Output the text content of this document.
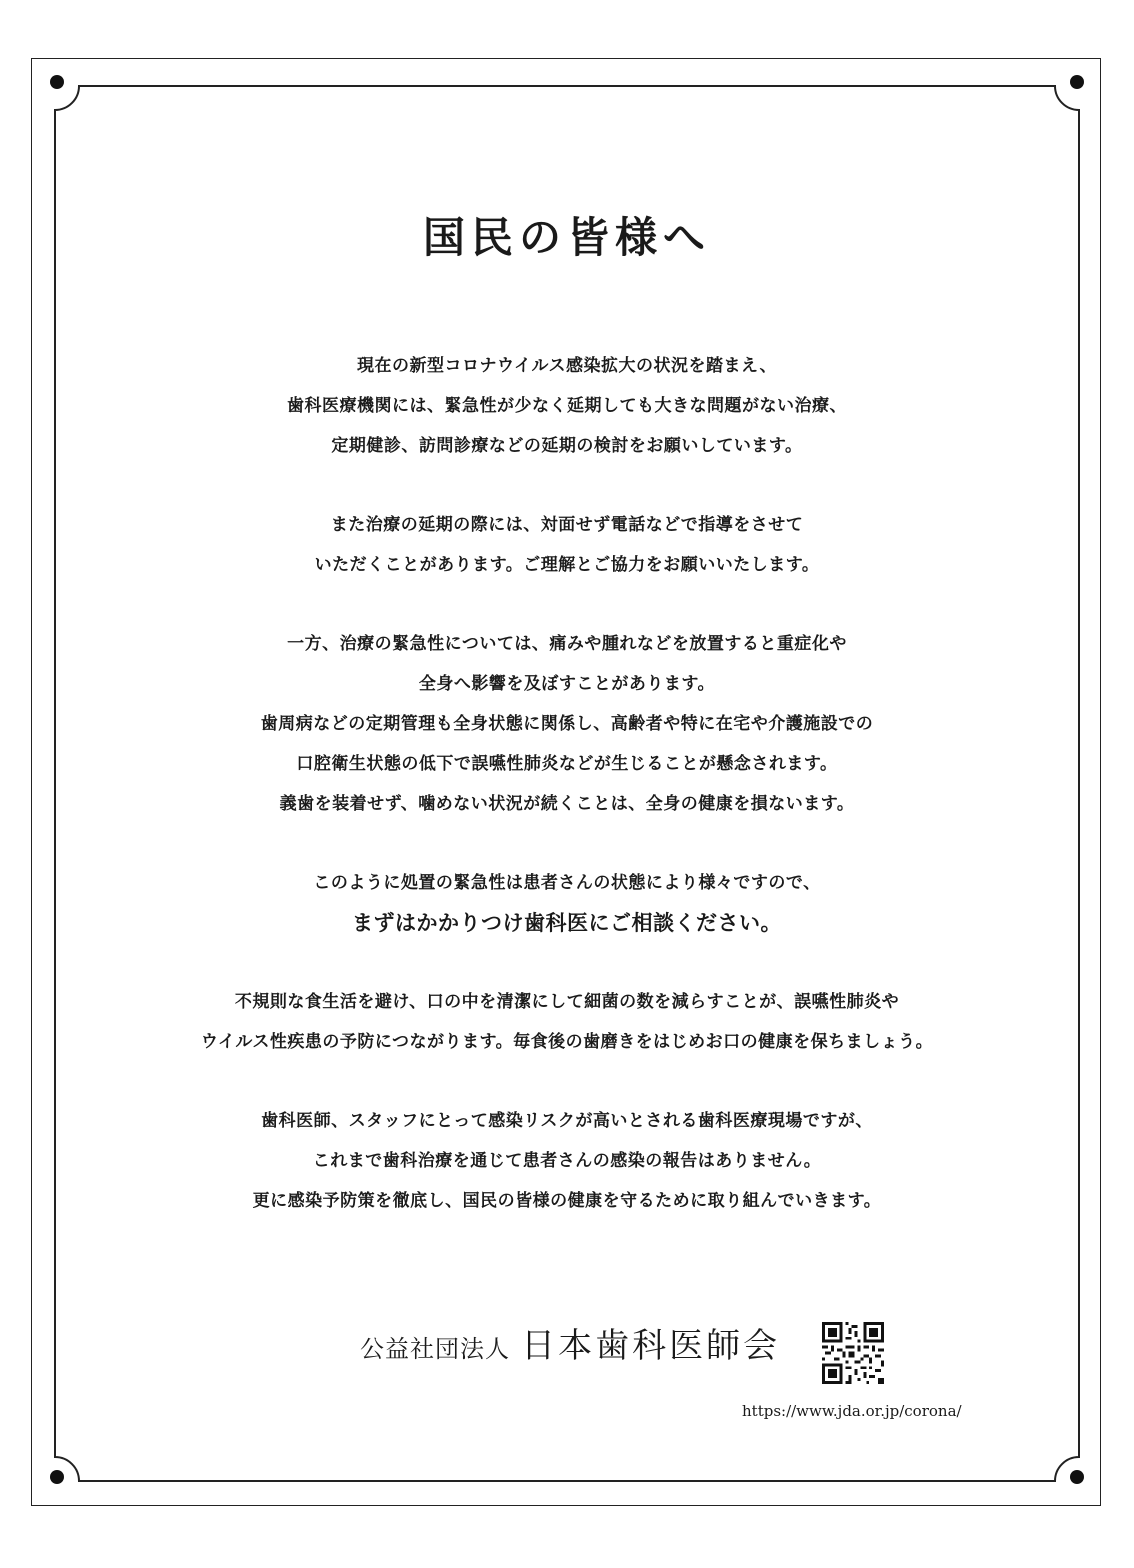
国民の皆様へ
現在の新型コロナウイルス感染拡大の状況を踏まえ、
歯科医療機関には、緊急性が少なく延期しても大きな問題がない治療、
定期健診、訪問診療などの延期の検討をお願いしています。
また治療の延期の際には、対面せず電話などで指導をさせて
いただくことがあります。ご理解とご協力をお願いいたします。
一方、治療の緊急性については、痛みや腫れなどを放置すると重症化や
全身へ影響を及ぼすことがあります。
歯周病などの定期管理も全身状態に関係し、高齢者や特に在宅や介護施設での
口腔衛生状態の低下で誤嚥性肺炎などが生じることが懸念されます。
義歯を装着せず、噛めない状況が続くことは、全身の健康を損ないます。
このように処置の緊急性は患者さんの状態により様々ですので、
まずはかかりつけ歯科医にご相談ください。
不規則な食生活を避け、口の中を清潔にして細菌の数を減らすことが、誤嚥性肺炎や
ウイルス性疾患の予防につながります。毎食後の歯磨きをはじめお口の健康を保ちましょう。
歯科医師、スタッフにとって感染リスクが高いとされる歯科医療現場ですが、
これまで歯科治療を通じて患者さんの感染の報告はありません。
更に感染予防策を徹底し、国民の皆様の健康を守るために取り組んでいきます。
公益社団法人 日本歯科医師会
https://www.jda.or.jp/corona/
